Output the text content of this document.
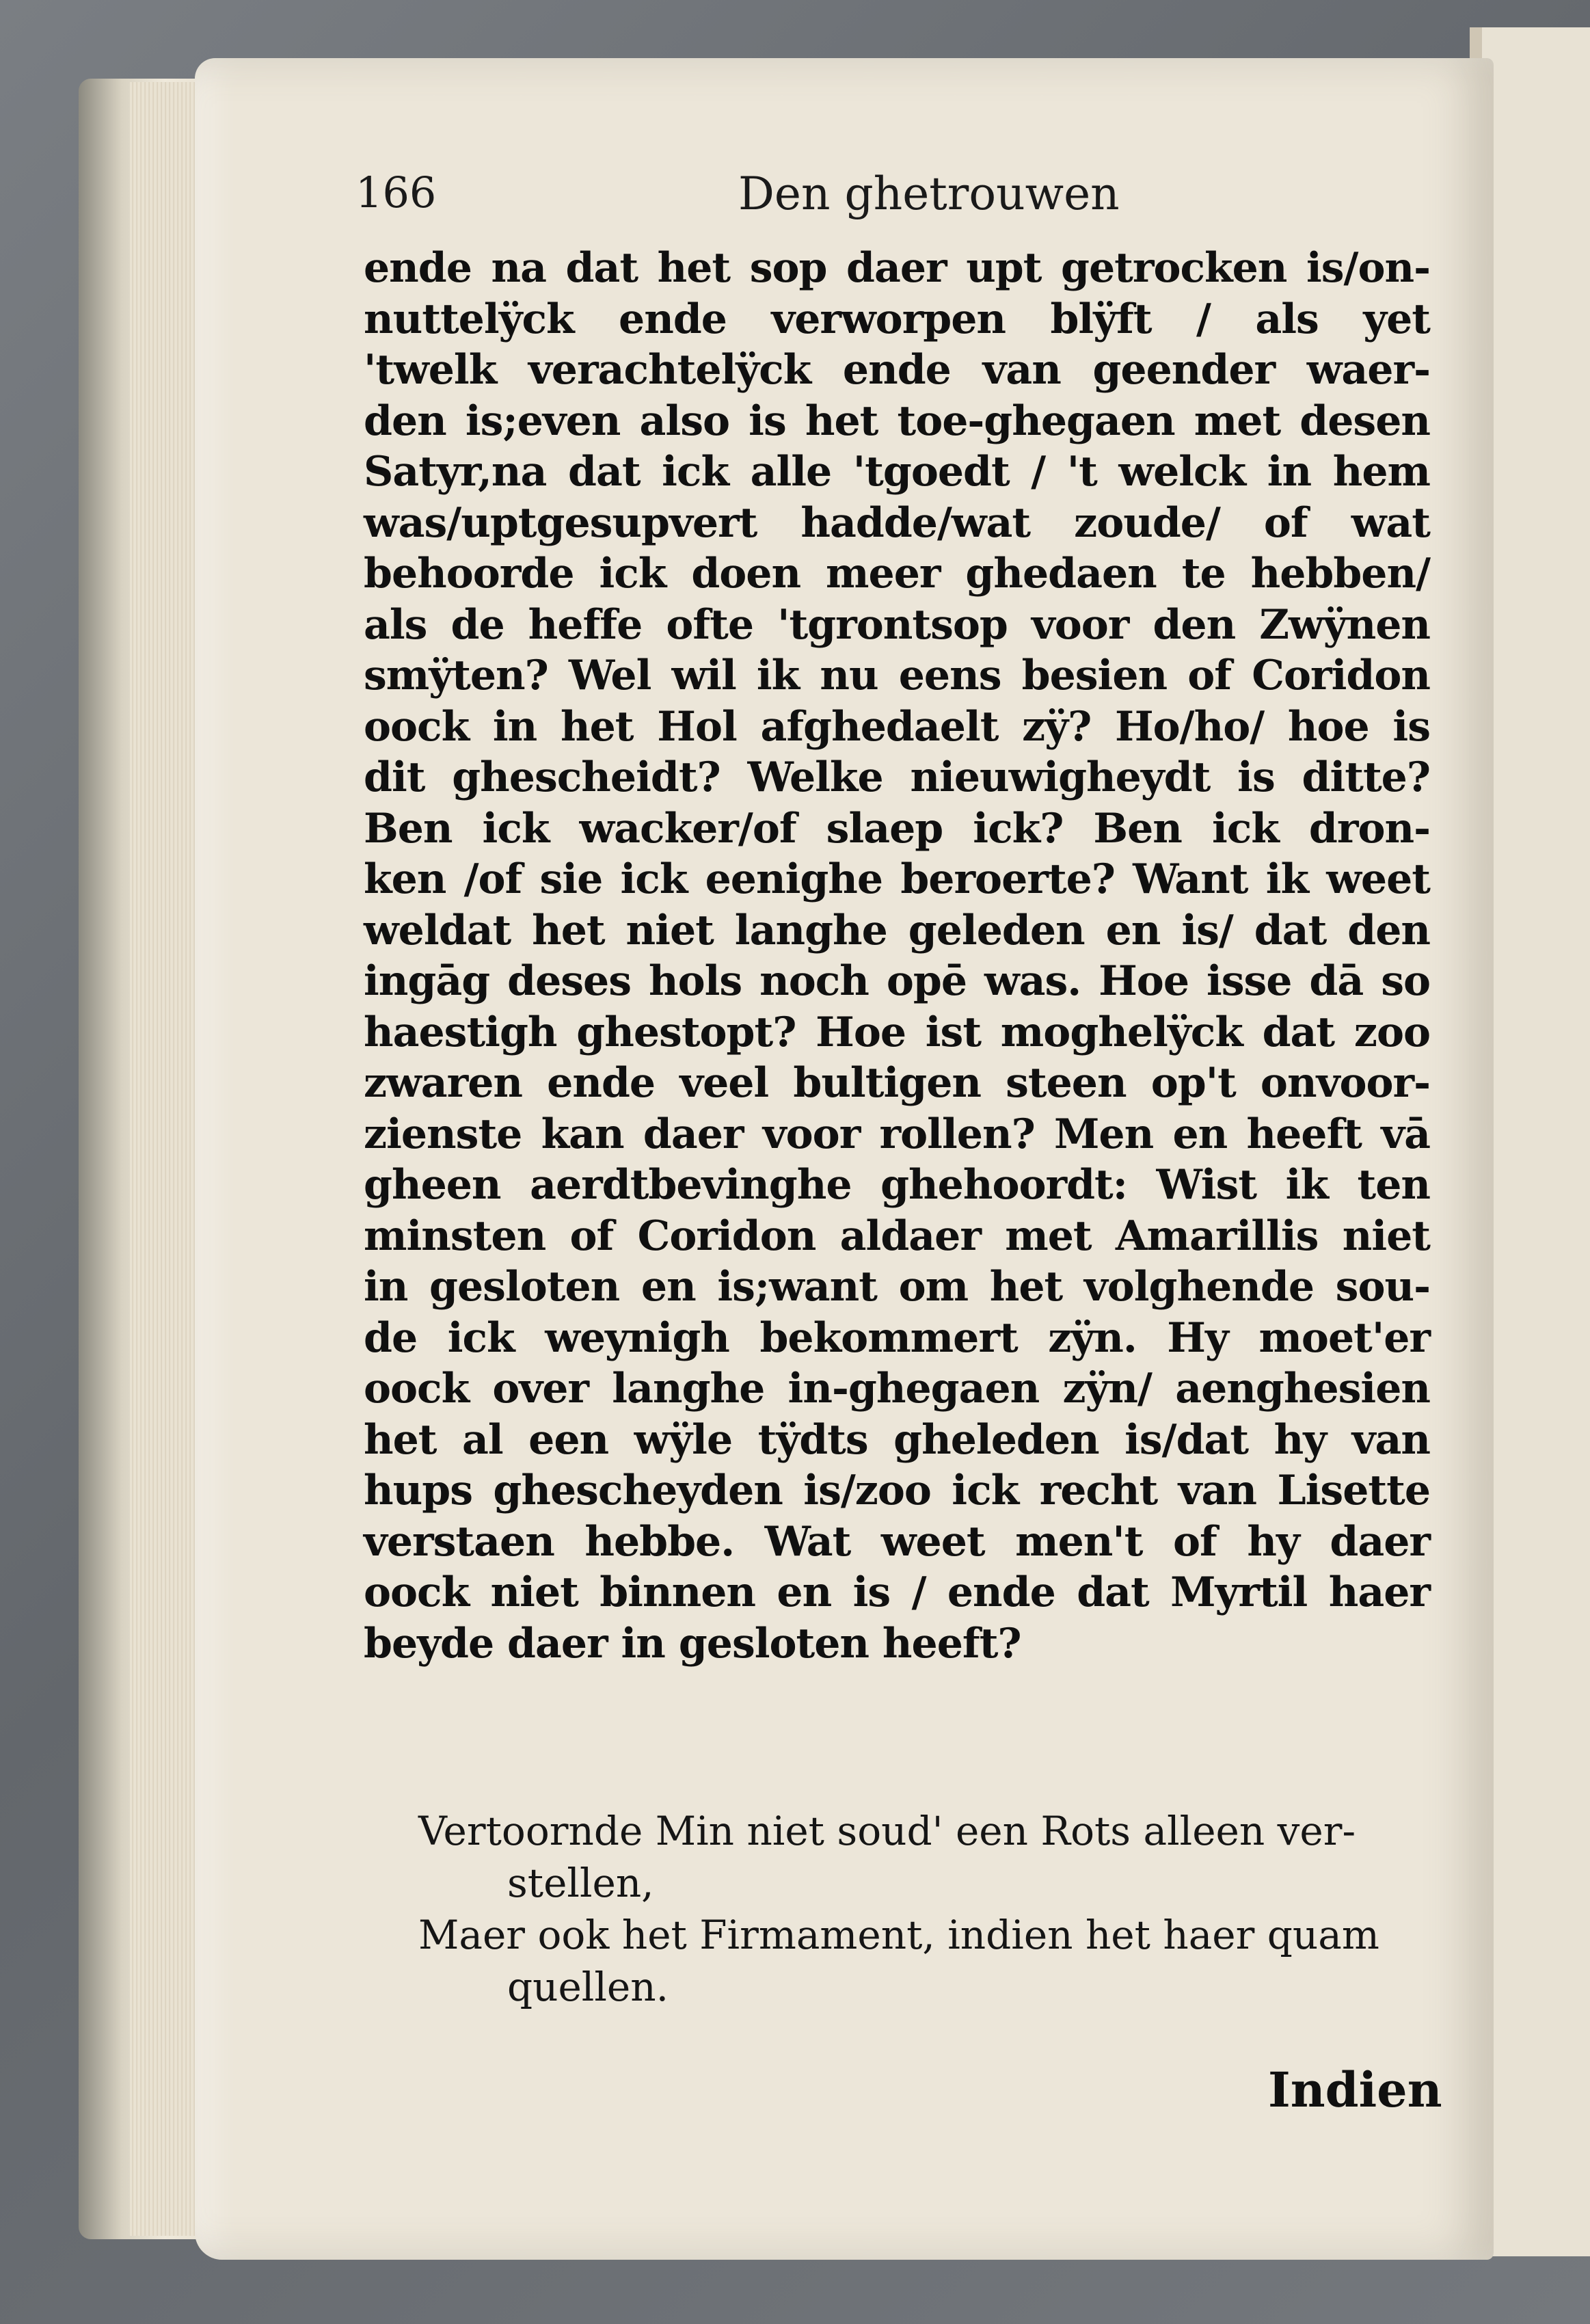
166	Den ghetrouwen
ende na dat het sop daer upt getrocken is/on-
nuttelÿck ende verworpen blÿft / als yet
'twelk verachtelÿck ende van geender waer-
den is;even also is het toe-ghegaen met desen
Satyr,na dat ick alle 'tgoedt / 't welck in hem
was/uptgesupvert hadde/wat zoude/ of wat
behoorde ick doen meer ghedaen te hebben/
als de heffe ofte 'tgrontsop voor den Zwÿnen
smÿten? Wel wil ik nu eens besien of Coridon
oock in het Hol afghedaelt zÿ? Ho/ho/ hoe is
dit ghescheidt? Welke nieuwigheydt is ditte?
Ben ick wacker/of slaep ick? Ben ick dron-
ken /of sie ick eenighe beroerte? Want ik weet
weldat het niet langhe geleden en is/ dat den
ingāg deses hols noch opē was. Hoe isse dā so
haestigh ghestopt? Hoe ist moghelÿck dat zoo
zwaren ende veel bultigen steen op't onvoor-
zienste kan daer voor rollen? Men en heeft vā
gheen aerdtbevinghe ghehoordt: Wist ik ten
minsten of Coridon aldaer met Amarillis niet
in gesloten en is;want om het volghende sou-
de ick weynigh bekommert zÿn. Hy moet'er
oock over langhe in-ghegaen zÿn/ aenghesien
het al een wÿle tÿdts gheleden is/dat hy van
hups ghescheyden is/zoo ick recht van Lisette
verstaen hebbe. Wat weet men't of hy daer
oock niet binnen en is / ende dat Myrtil haer
beyde daer in gesloten heeft?
Vertoornde Min niet soud' een Rots alleen ver-
stellen,
Maer ook het Firmament, indien het haer quam
quellen.
Indien
